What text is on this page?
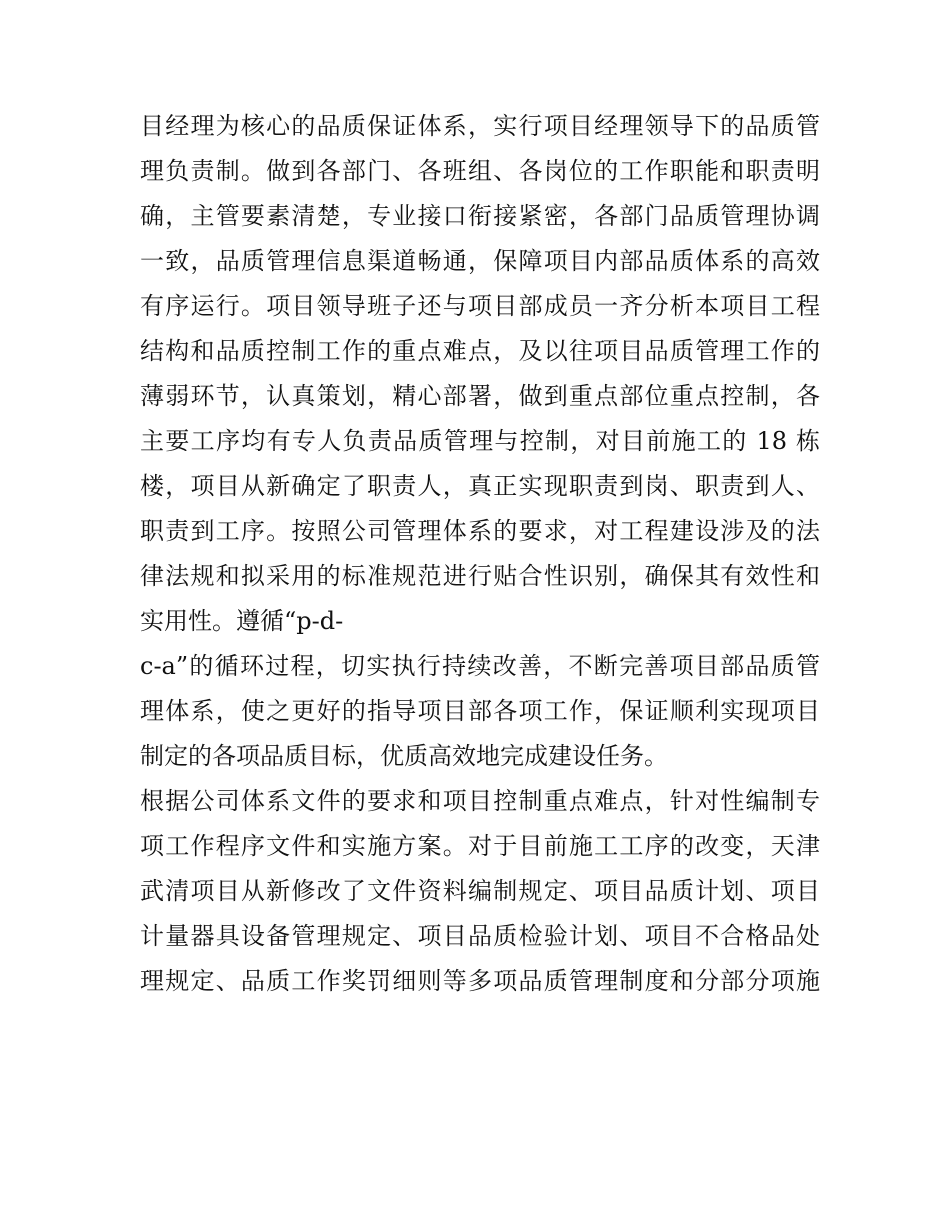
目经理为核心的品质保证体系，实行项目经理领导下的品质管
理负责制。做到各部门、各班组、各岗位的工作职能和职责明
确，主管要素清楚，专业接口衔接紧密，各部门品质管理协调
一致，品质管理信息渠道畅通，保障项目内部品质体系的高效
有序运行。项目领导班子还与项目部成员一齐分析本项目工程
结构和品质控制工作的重点难点，及以往项目品质管理工作的
薄弱环节，认真策划，精心部署，做到重点部位重点控制，各
主要工序均有专人负责品质管理与控制，对目前施工的 18 栋
楼，项目从新确定了职责人，真正实现职责到岗、职责到人、
职责到工序。按照公司管理体系的要求，对工程建设涉及的法
律法规和拟采用的标准规范进行贴合性识别，确保其有效性和
实用性。遵循“p-d-
c-a”的循环过程，切实执行持续改善，不断完善项目部品质管
理体系，使之更好的指导项目部各项工作，保证顺利实现项目
制定的各项品质目标，优质高效地完成建设任务。
根据公司体系文件的要求和项目控制重点难点，针对性编制专
项工作程序文件和实施方案。对于目前施工工序的改变，天津
武清项目从新修改了文件资料编制规定、项目品质计划、项目
计量器具设备管理规定、项目品质检验计划、项目不合格品处
理规定、品质工作奖罚细则等多项品质管理制度和分部分项施
